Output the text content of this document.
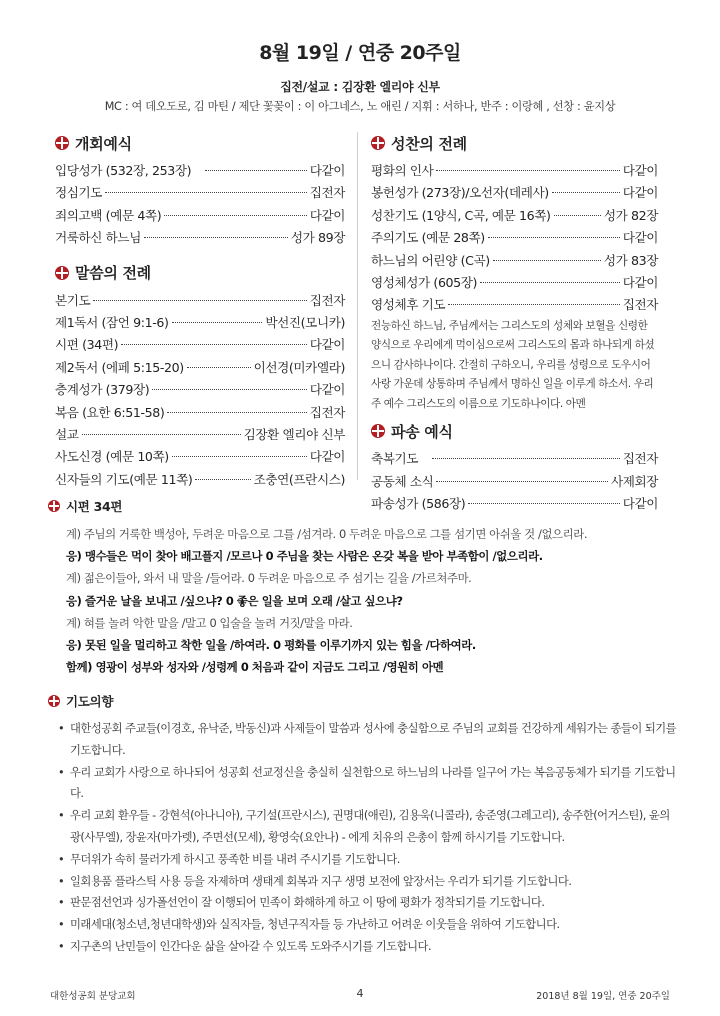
8월 19일 / 연중 20주일
집전/설교 : 김장환 엘리야 신부
MC : 여 데오도로, 김 마틴 / 제단 꽃꽂이 : 이 아그네스, 노 애린 / 지휘 : 서하나, 반주 : 이랑혜 , 선창 : 윤지상
개회예식
입당성가 (532장, 253장)	다같이
정심기도	집전자
죄의고백 (예문 4쪽)	다같이
거룩하신 하느님	성가 89장
말씀의 전례
본기도	집전자
제1독서 (잠언 9:1-6)	박선진(모니카)
시편 (34편)	다같이
제2독서 (에페 5:15-20)	이선경(미카엘라)
층계성가 (379장)	다같이
복음 (요한 6:51-58)	집전자
설교	김장환 엘리야 신부
사도신경 (예문 10쪽)	다같이
신자들의 기도(예문 11쪽)	조충연(프란시스)
성찬의 전례
평화의 인사	다같이
봉헌성가 (273장)/오선자(데레사)	다같이
성찬기도 (1양식, C곡, 예문 16쪽)	성가 82장
주의기도 (예문 28쪽)	다같이
하느님의 어린양 (C곡)	성가 83장
영성체성가 (605장)	다같이
영성체후 기도	집전자
전능하신 하느님, 주님께서는 그리스도의 성체와 보혈을 신령한 양식으로 우리에게 먹이심으로써 그리스도의 몸과 하나되게 하셨으니 감사하나이다. 간절히 구하오니, 우리를 성령으로 도우시어 사랑 가운데 상통하며 주님께서 명하신 일을 이루게 하소서. 우리주 예수 그리스도의 이름으로 기도하나이다. 아멘
파송 예식
축복기도	집전자
공동체 소식	사제회장
파송성가 (586장)	다같이
시편 34편
계) 주님의 거룩한 백성아, 두려운 마음으로 그를 /섬겨라. 0 두려운 마음으로 그를 섬기면 아쉬울 것 /없으리라.
응) 맹수들은 먹이 찾아 배고플지 /모르나 0 주님을 찾는 사람은 온갖 복을 받아 부족함이 /없으리라.
계) 젊은이들아, 와서 내 말을 /들어라. 0 두려운 마음으로 주 섬기는 길을 /가르쳐주마.
응) 즐거운 날을 보내고 /싶으냐? 0 좋은 일을 보며 오래 /살고 싶으냐?
계) 혀를 놀려 악한 말을 /말고 0 입술을 놀려 거짓/말을 마라.
응) 못된 일을 멀리하고 착한 일을 /하여라. 0 평화를 이루기까지 있는 힘을 /다하여라.
함께) 영광이 성부와 성자와 /성령께 0 처음과 같이 지금도 그리고 /영원히 아멘
기도의향
• 대한성공회 주교들(이경호, 유낙준, 박동신)과 사제들이 말씀과 성사에 충실함으로 주님의 교회를 건강하게 세워가는 종들이 되기를 기도합니다.
• 우리 교회가 사랑으로 하나되어 성공회 선교정신을 충실히 실천함으로 하느님의 나라를 일구어 가는 복음공동체가 되기를 기도합니다.
• 우리 교회 환우들 - 강현석(아나니아), 구기설(프란시스), 권명대(애린), 김용욱(니콜라), 송준영(그레고리), 송주한(어거스틴), 윤의광(사무엘), 장윤자(마가렛), 주면선(모세), 황영숙(요안나) - 에게 치유의 은총이 함께 하시기를 기도합니다.
• 무더위가 속히 물러가게 하시고 풍족한 비를 내려 주시기를 기도합니다.
• 일회용품 플라스틱 사용 등을 자제하며 생태계 회복과 지구 생명 보전에 앞장서는 우리가 되기를 기도합니다.
• 판문점선언과 싱가폴선언이 잘 이행되어 민족이 화해하게 하고 이 땅에 평화가 정착되기를 기도합니다.
• 미래세대(청소년,청년대학생)와 실직자들, 청년구직자들 등 가난하고 어려운 이웃들을 위하여 기도합니다.
• 지구촌의 난민들이 인간다운 삶을 살아갈 수 있도록 도와주시기를 기도합니다.
대한성공회 분당교회	4	2018년 8월 19일, 연중 20주일
